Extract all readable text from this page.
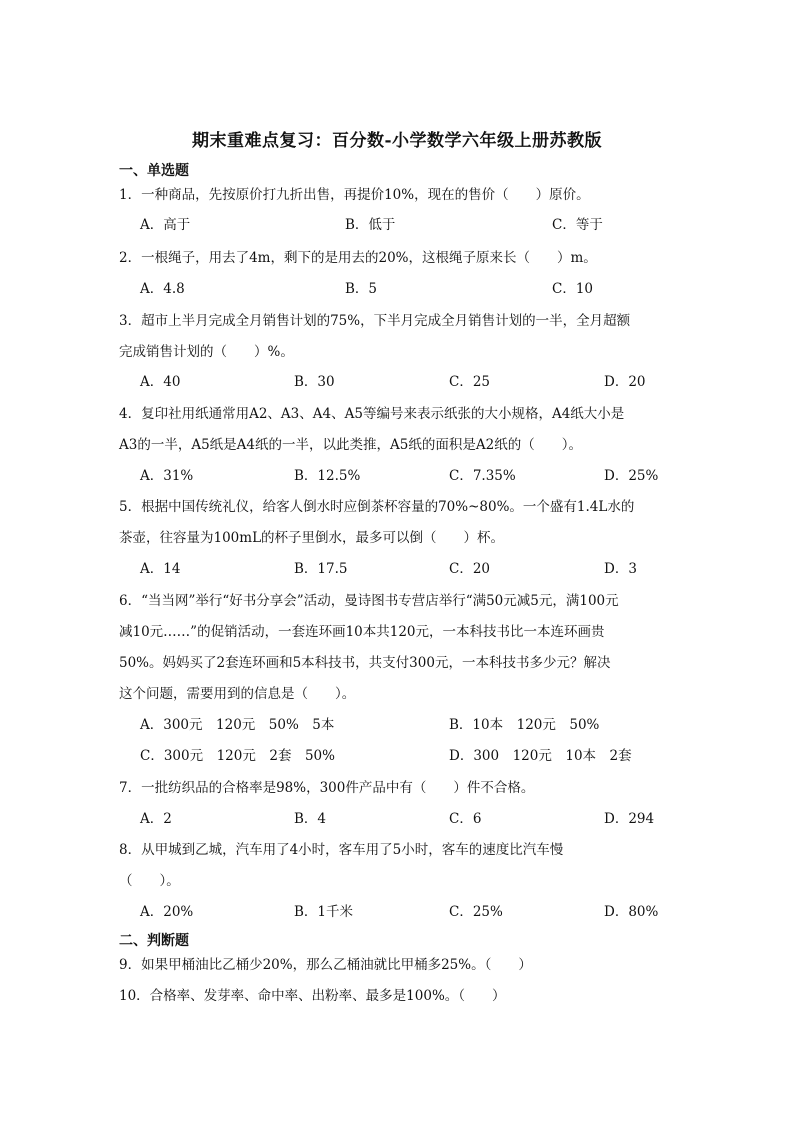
期末重难点复习：百分数-小学数学六年级上册苏教版
一、单选题
1．一种商品，先按原价打九折出售，再提价10%，现在的售价（　　）原价。
A．高于	B．低于	C．等于
2．一根绳子，用去了4m，剩下的是用去的20%，这根绳子原来长（　　）m。
A．4.8	B．5	C．10
3．超市上半月完成全月销售计划的75%，下半月完成全月销售计划的一半，全月超额
完成销售计划的（　　）%。
A．40	B．30	C．25	D．20
4．复印社用纸通常用A2、A3、A4、A5等编号来表示纸张的大小规格，A4纸大小是
A3的一半，A5纸是A4纸的一半，以此类推，A5纸的面积是A2纸的（　　）。
A．31%	B．12.5%	C．7.35%	D．25%
5．根据中国传统礼仪，给客人倒水时应倒茶杯容量的70%~80%。一个盛有1.4L水的
茶壶，往容量为100mL的杯子里倒水，最多可以倒（　　）杯。
A．14	B．17.5	C．20	D．3
6．“当当网”举行“好书分享会”活动，曼诗图书专营店举行“满50元减5元，满100元
减10元……”的促销活动，一套连环画10本共120元，一本科技书比一本连环画贵
50%。妈妈买了2套连环画和5本科技书，共支付300元，一本科技书多少元？解决
这个问题，需要用到的信息是（　　）。
A．300元　120元　50%　5本	B．10本　120元　50%
C．300元　120元　2套　50%	D．300　120元　10本　2套
7．一批纺织品的合格率是98%，300件产品中有（　　）件不合格。
A．2	B．4	C．6	D．294
8．从甲城到乙城，汽车用了4小时，客车用了5小时，客车的速度比汽车慢
（　　）。
A．20%	B．1千米	C．25%	D．80%
二、判断题
9．如果甲桶油比乙桶少20%，那么乙桶油就比甲桶多25%。（　　）
10．合格率、发芽率、命中率、出粉率、最多是100%。（　　）
